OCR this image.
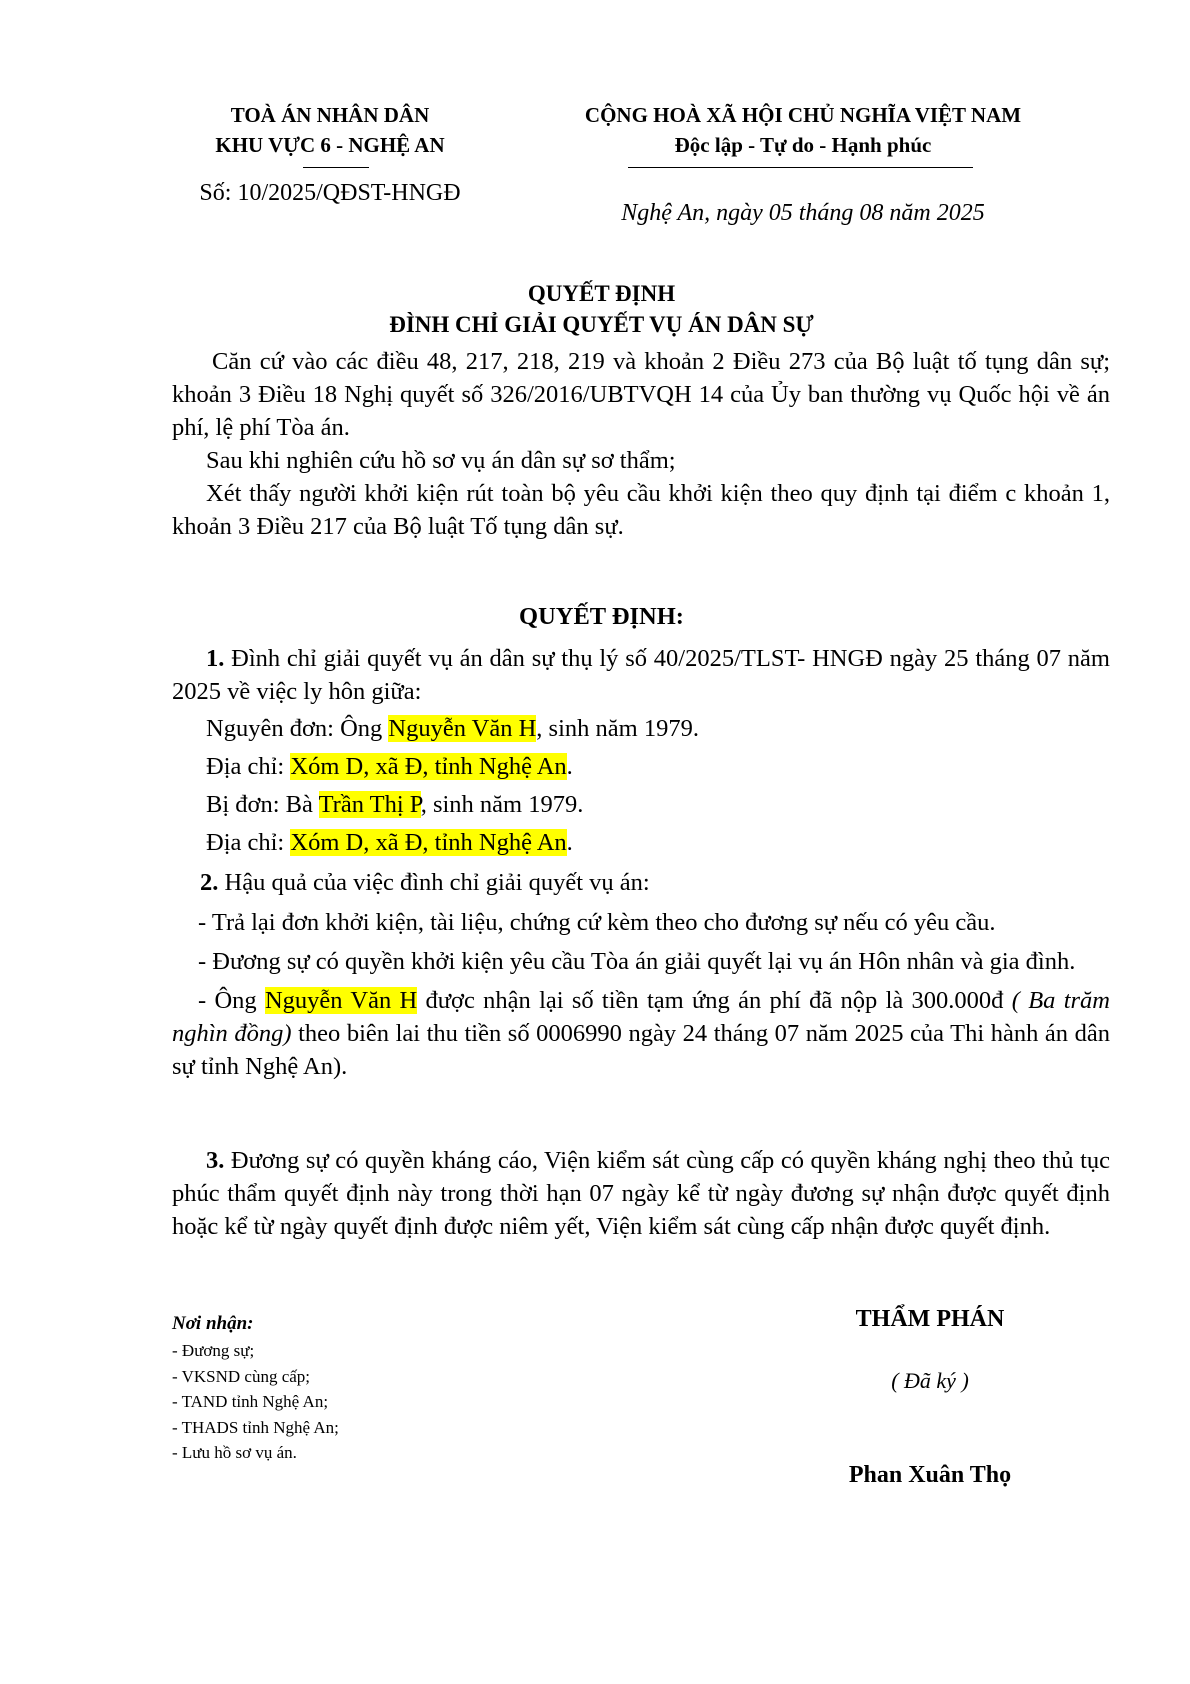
TOÀ ÁN NHÂN DÂN
KHU VỰC 6 - NGHỆ AN
Số: 10/2025/QĐST-HNGĐ
CỘNG HOÀ XÃ HỘI CHỦ NGHĨA VIỆT NAM
Độc lập - Tự do - Hạnh phúc
Nghệ An, ngày 05 tháng 08 năm 2025
QUYẾT ĐỊNH
ĐÌNH CHỈ GIẢI QUYẾT VỤ ÁN DÂN SỰ

Căn cứ vào các điều 48, 217, 218, 219 và khoản 2 Điều 273 của Bộ luật tố tụng dân sự; khoản 3 Điều 18 Nghị quyết số 326/2016/UBTVQH 14 của Ủy ban thường vụ Quốc hội về án phí, lệ phí Tòa án.

Sau khi nghiên cứu hồ sơ vụ án dân sự sơ thẩm;

Xét thấy người khởi kiện rút toàn bộ yêu cầu khởi kiện theo quy định tại điểm c khoản 1, khoản 3 Điều 217 của Bộ luật Tố tụng dân sự.

QUYẾT ĐỊNH:

1. Đình chỉ giải quyết vụ án dân sự thụ lý số 40/2025/TLST- HNGĐ ngày 25 tháng 07 năm 2025 về việc ly hôn giữa:

Nguyên đơn: Ông Nguyễn Văn H, sinh năm 1979.
Địa chỉ: Xóm D, xã Đ, tỉnh Nghệ An.
Bị đơn: Bà Trần Thị P, sinh năm 1979.
Địa chỉ: Xóm D, xã Đ, tỉnh Nghệ An.
2. Hậu quả của việc đình chỉ giải quyết vụ án:

- Trả lại đơn khởi kiện, tài liệu, chứng cứ kèm theo cho đương sự nếu có yêu cầu.

- Đương sự có quyền khởi kiện yêu cầu Tòa án giải quyết lại vụ án Hôn nhân và gia đình.

- Ông Nguyễn Văn H được nhận lại số tiền tạm ứng án phí đã nộp là 300.000đ ( Ba trăm nghìn đồng) theo biên lai thu tiền số 0006990 ngày 24 tháng 07 năm 2025 của Thi hành án dân sự tỉnh Nghệ An).

3. Đương sự có quyền kháng cáo, Viện kiểm sát cùng cấp có quyền kháng nghị theo thủ tục phúc thẩm quyết định này trong thời hạn 07 ngày kể từ ngày đương sự nhận được quyết định hoặc kể từ ngày quyết định được niêm yết, Viện kiểm sát cùng cấp nhận được quyết định.

Nơi nhận:
- Đương sự;
- VKSND cùng cấp;
- TAND tỉnh Nghệ An;
- THADS tỉnh Nghệ An;
- Lưu hồ sơ vụ án.
THẨM PHÁN
( Đã ký )
Phan Xuân Thọ
